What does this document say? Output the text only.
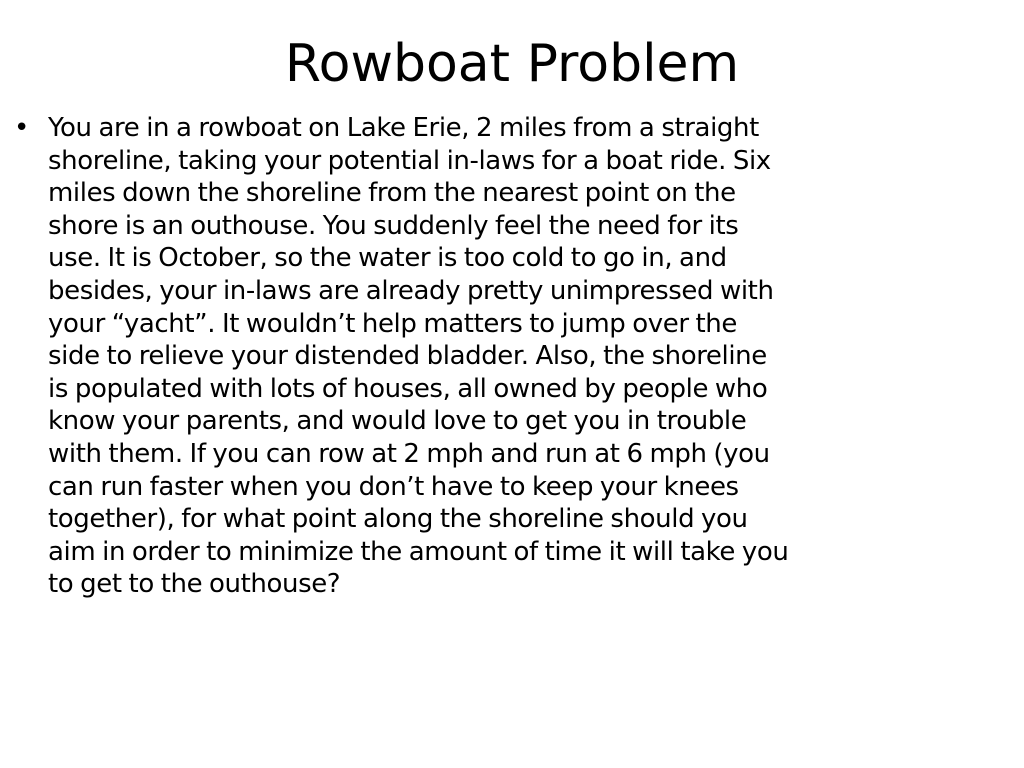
Rowboat Problem
• You are in a rowboat on Lake Erie, 2 miles from a straight
shoreline, taking your potential in-laws for a boat ride. Six
miles down the shoreline from the nearest point on the
shore is an outhouse. You suddenly feel the need for its
use. It is October, so the water is too cold to go in, and
besides, your in-laws are already pretty unimpressed with
your “yacht”. It wouldn’t help matters to jump over the
side to relieve your distended bladder. Also, the shoreline
is populated with lots of houses, all owned by people who
know your parents, and would love to get you in trouble
with them. If you can row at 2 mph and run at 6 mph (you
can run faster when you don’t have to keep your knees
together), for what point along the shoreline should you
aim in order to minimize the amount of time it will take you
to get to the outhouse?
